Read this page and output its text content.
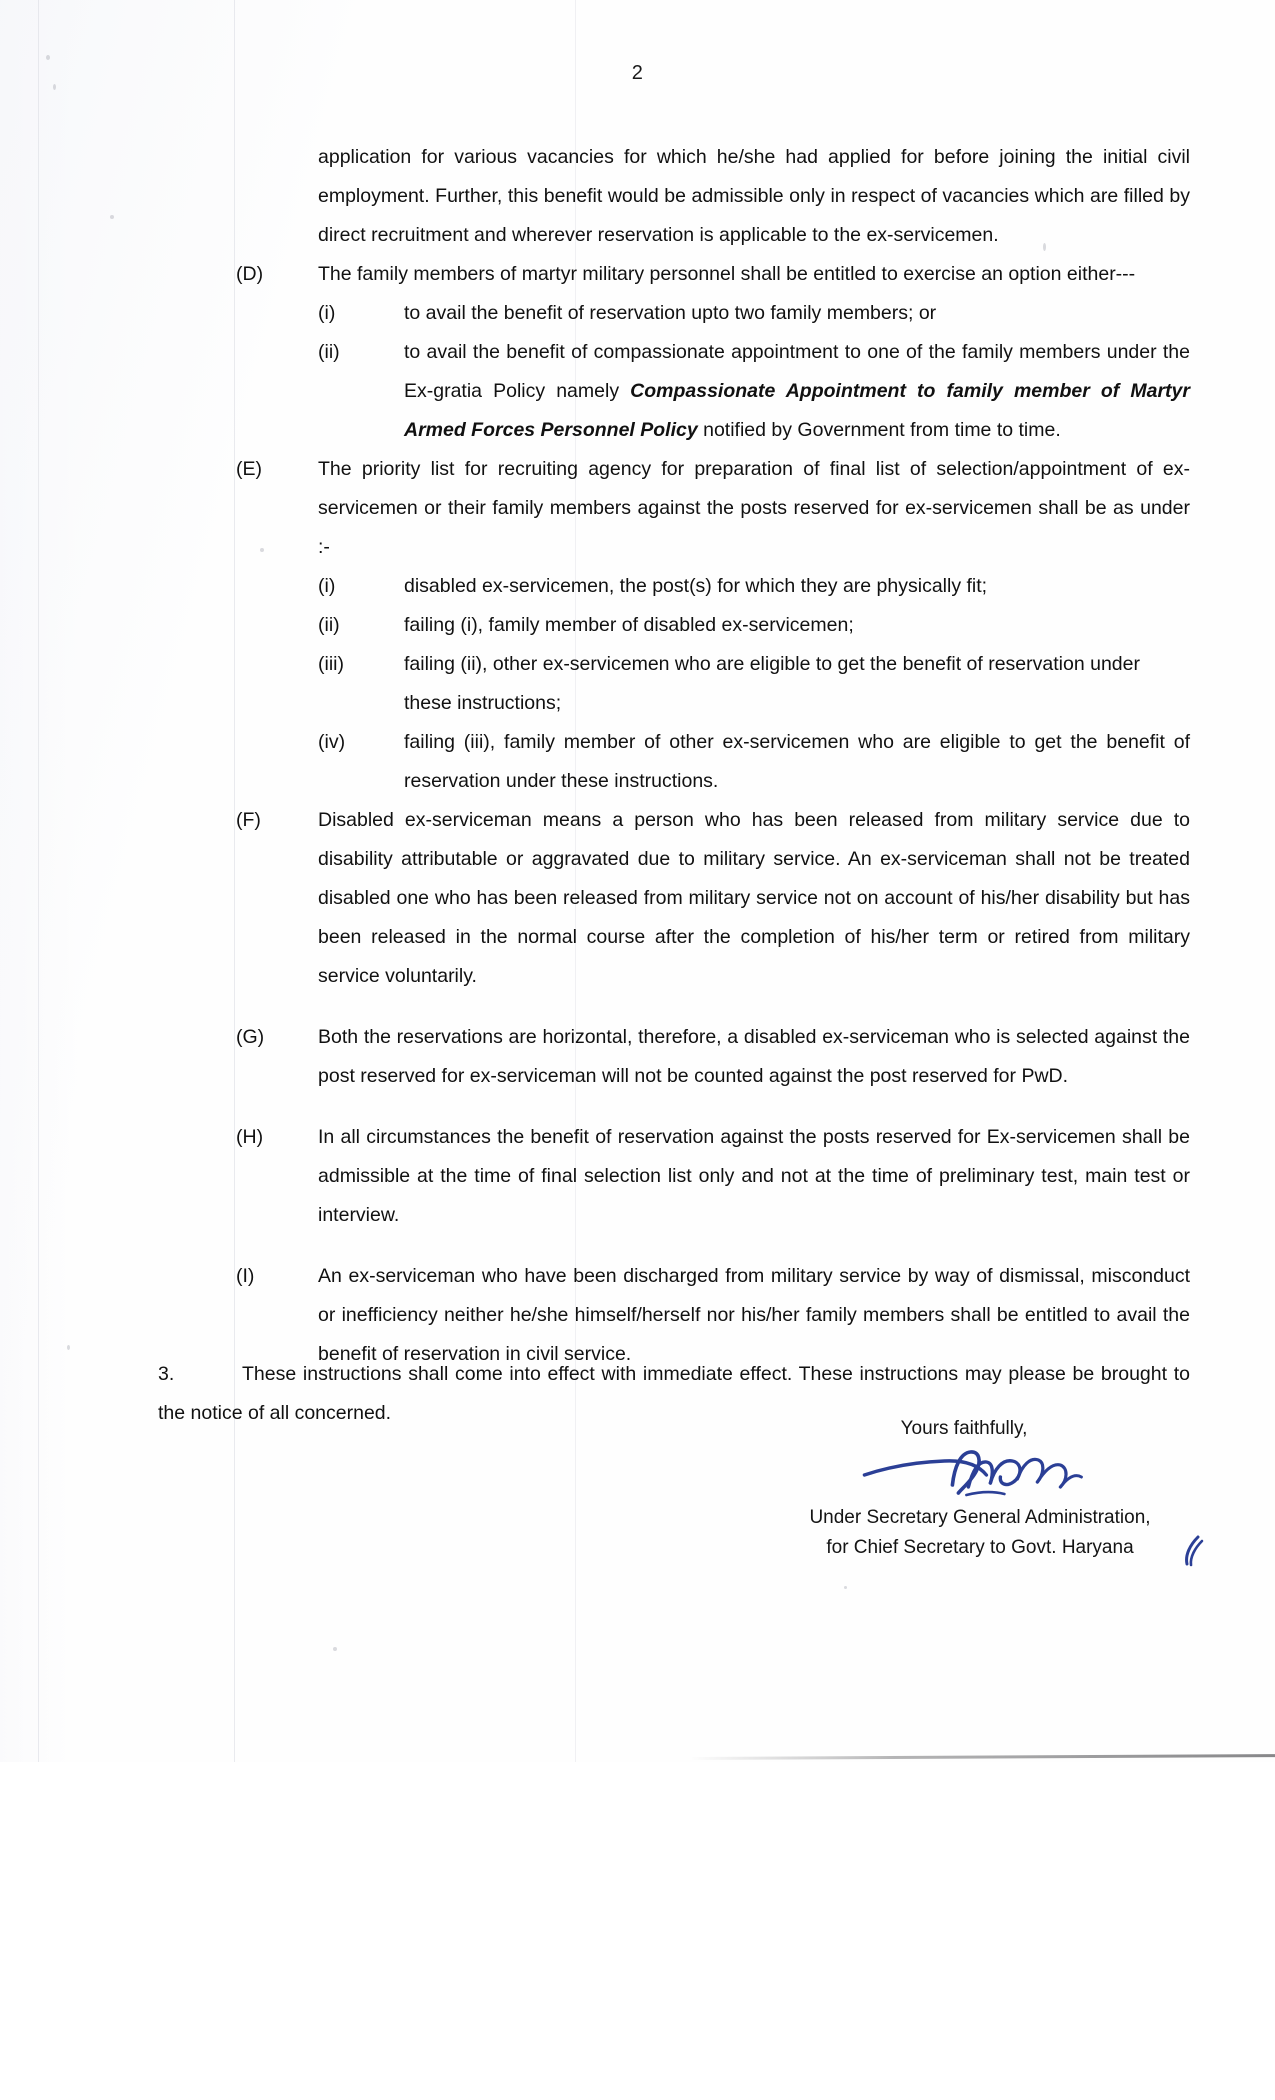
2
application for various vacancies for which he/she had applied for before joining the initial civil employment. Further, this benefit would be admissible only in respect of vacancies which are filled by direct recruitment and wherever reservation is applicable to the ex-servicemen.
(D)	The family members of martyr military personnel shall be entitled to exercise an option either---
(i)	to avail the benefit of reservation upto two family members; or
(ii)	to avail the benefit of compassionate appointment to one of the family members under the Ex-gratia Policy namely Compassionate Appointment to family member of Martyr Armed Forces Personnel Policy notified by Government from time to time.
(E)	The priority list for recruiting agency for preparation of final list of selection/appointment of ex-servicemen or their family members against the posts reserved for ex-servicemen shall be as under :-
(i)	disabled ex-servicemen, the post(s) for which they are physically fit;
(ii)	failing (i), family member of disabled ex-servicemen;
(iii)	failing (ii), other ex-servicemen who are eligible to get the benefit of reservation under these instructions;
(iv)	failing (iii), family member of other ex-servicemen who are eligible to get the benefit of reservation under these instructions.
(F)	Disabled ex-serviceman means a person who has been released from military service due to disability attributable or aggravated due to military service. An ex-serviceman shall not be treated disabled one who has been released from military service not on account of his/her disability but has been released in the normal course after the completion of his/her term or retired from military service voluntarily.
(G)	Both the reservations are horizontal, therefore, a disabled ex-serviceman who is selected against the post reserved for ex-serviceman will not be counted against the post reserved for PwD.
(H)	In all circumstances the benefit of reservation against the posts reserved for Ex-servicemen shall be admissible at the time of final selection list only and not at the time of preliminary test, main test or interview.
(I)	An ex-serviceman who have been discharged from military service by way of dismissal, misconduct or inefficiency neither he/she himself/herself nor his/her family members shall be entitled to avail the benefit of reservation in civil service.
3.	These instructions shall come into effect with immediate effect. These instructions may please be brought to the notice of all concerned.
Yours faithfully,
Under Secretary General Administration,
for Chief Secretary to Govt. Haryana
